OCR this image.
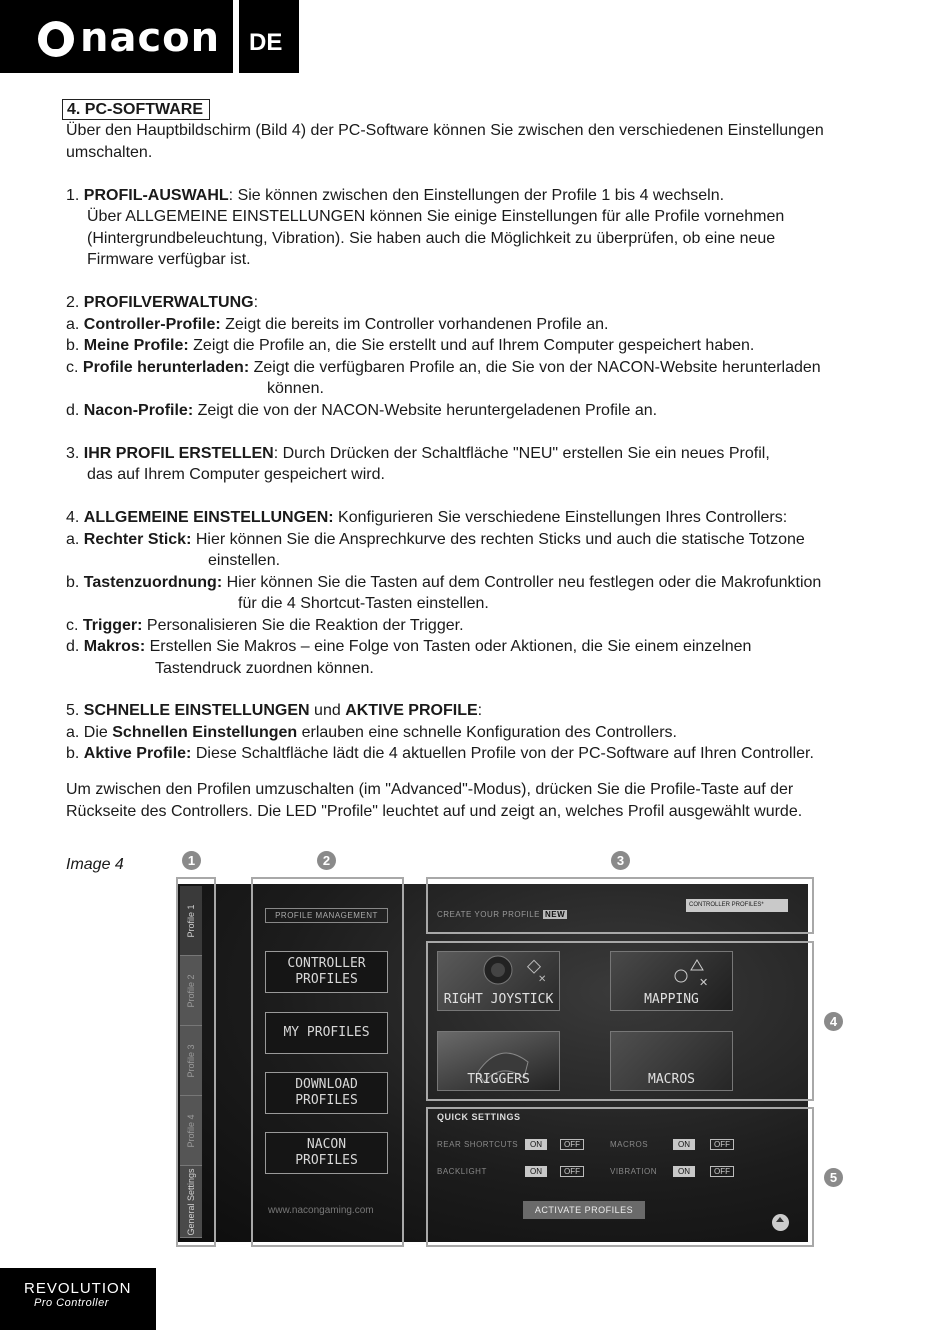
nacon DE
4. PC-SOFTWARE
Über den Hauptbildschirm (Bild 4) der PC-Software können Sie zwischen den verschiedenen Einstellungen
umschalten.
1. PROFIL-AUSWAHL: Sie können zwischen den Einstellungen der Profile 1 bis 4 wechseln.
Über ALLGEMEINE EINSTELLUNGEN können Sie einige Einstellungen für alle Profile vornehmen
(Hintergrundbeleuchtung, Vibration). Sie haben auch die Möglichkeit zu überprüfen, ob eine neue
Firmware verfügbar ist.
2. PROFILVERWALTUNG:
a. Controller-Profile: Zeigt die bereits im Controller vorhandenen Profile an.
b. Meine Profile: Zeigt die Profile an, die Sie erstellt und auf Ihrem Computer gespeichert haben.
c. Profile herunterladen: Zeigt die verfügbaren Profile an, die Sie von der NACON-Website herunterladen
können.
d. Nacon-Profile: Zeigt die von der NACON-Website heruntergeladenen Profile an.
3. IHR PROFIL ERSTELLEN: Durch Drücken der Schaltfläche "NEU" erstellen Sie ein neues Profil,
das auf Ihrem Computer gespeichert wird.
4. ALLGEMEINE EINSTELLUNGEN: Konfigurieren Sie verschiedene Einstellungen Ihres Controllers:
a. Rechter Stick: Hier können Sie die Ansprechkurve des rechten Sticks und auch die statische Totzone
einstellen.
b. Tastenzuordnung: Hier können Sie die Tasten auf dem Controller neu festlegen oder die Makrofunktion
für die 4 Shortcut-Tasten einstellen.
c. Trigger: Personalisieren Sie die Reaktion der Trigger.
d. Makros: Erstellen Sie Makros – eine Folge von Tasten oder Aktionen, die Sie einem einzelnen
Tastendruck zuordnen können.
5. SCHNELLE EINSTELLUNGEN und AKTIVE PROFILE:
a. Die Schnellen Einstellungen erlauben eine schnelle Konfiguration des Controllers.
b. Aktive Profile: Diese Schaltfläche lädt die 4 aktuellen Profile von der PC-Software auf Ihren Controller.
Um zwischen den Profilen umzuschalten (im "Advanced"-Modus), drücken Sie die Profile-Taste auf der
Rückseite des Controllers. Die LED "Profile" leuchtet auf und zeigt an, welches Profil ausgewählt wurde.
Image 4	1	2	3
4
5
Profile 1
Profile 2
Profile 3
Profile 4
General Settings
PROFILE MANAGEMENT
CONTROLLER
PROFILES
MY PROFILES
DOWNLOAD
PROFILES
NACON
PROFILES
www.nacongaming.com
CREATE YOUR PROFILE NEW
CONTROLLER PROFILES*
✕
RIGHT JOYSTICK
✕
MAPPING
TRIGGERS	MACROS
QUICK SETTINGS
REAR SHORTCUTS	ON	OFF	MACROS	ON	OFF
BACKLIGHT	ON	OFF	VIBRATION	ON	OFF
ACTIVATE PROFILES
REVOLUTION
Pro Controller
